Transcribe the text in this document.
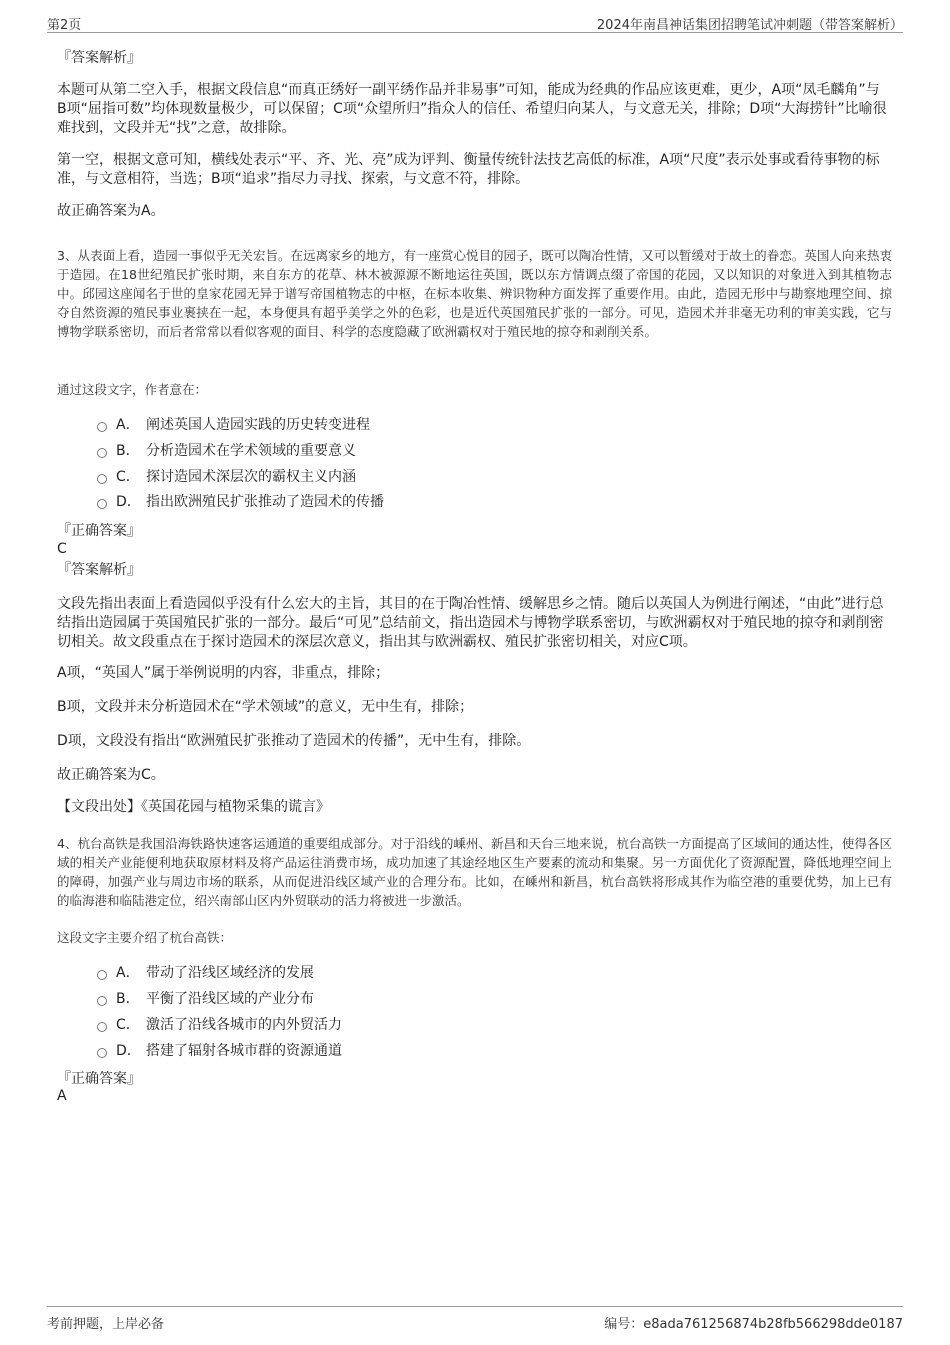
第2页	2024年南昌神话集团招聘笔试冲刺题（带答案解析）
『答案解析』
本题可从第二空入手，根据文段信息“而真正绣好一副平绣作品并非易事”可知，能成为经典的作品应该更难，更少，A项“凤毛麟角”与B项“屈指可数”均体现数量极少，可以保留；C项“众望所归”指众人的信任、希望归向某人，与文意无关，排除；D项“大海捞针”比喻很难找到，文段并无“找”之意，故排除。
第一空，根据文意可知，横线处表示“平、齐、光、亮”成为评判、衡量传统针法技艺高低的标准，A项“尺度”表示处事或看待事物的标准，与文意相符，当选；B项“追求”指尽力寻找、探索，与文意不符，排除。
故正确答案为A。
3、从表面上看，造园一事似乎无关宏旨。在远离家乡的地方，有一座赏心悦目的园子，既可以陶冶性情，又可以暂缓对于故土的眷恋。英国人向来热衷于造园。在18世纪殖民扩张时期，来自东方的花草、林木被源源不断地运往英国，既以东方情调点缀了帝国的花园，又以知识的对象进入到其植物志中。邱园这座闻名于世的皇家花园无异于谱写帝国植物志的中枢，在标本收集、辨识物种方面发挥了重要作用。由此，造园无形中与勘察地理空间、掠夺自然资源的殖民事业裹挟在一起，本身便具有超乎美学之外的色彩，也是近代英国殖民扩张的一部分。可见，造园术并非毫无功利的审美实践，它与博物学联系密切，而后者常常以看似客观的面目、科学的态度隐藏了欧洲霸权对于殖民地的掠夺和剥削关系。
通过这段文字，作者意在：
A． 阐述英国人造园实践的历史转变进程
B． 分析造园术在学术领域的重要意义
C． 探讨造园术深层次的霸权主义内涵
D． 指出欧洲殖民扩张推动了造园术的传播
『正确答案』
C
『答案解析』
文段先指出表面上看造园似乎没有什么宏大的主旨，其目的在于陶冶性情、缓解思乡之情。随后以英国人为例进行阐述，“由此”进行总结指出造园属于英国殖民扩张的一部分。最后“可见”总结前文，指出造园术与博物学联系密切，与欧洲霸权对于殖民地的掠夺和剥削密切相关。故文段重点在于探讨造园术的深层次意义，指出其与欧洲霸权、殖民扩张密切相关，对应C项。
A项，“英国人”属于举例说明的内容，非重点，排除；
B项，文段并未分析造园术在“学术领域”的意义，无中生有，排除；
D项，文段没有指出“欧洲殖民扩张推动了造园术的传播”，无中生有，排除。
故正确答案为C。
【文段出处】《英国花园与植物采集的谎言》
4、杭台高铁是我国沿海铁路快速客运通道的重要组成部分。对于沿线的嵊州、新昌和天台三地来说，杭台高铁一方面提高了区域间的通达性，使得各区域的相关产业能便利地获取原材料及将产品运往消费市场，成功加速了其途经地区生产要素的流动和集聚。另一方面优化了资源配置，降低地理空间上的障碍，加强产业与周边市场的联系，从而促进沿线区域产业的合理分布。比如，在嵊州和新昌，杭台高铁将形成其作为临空港的重要优势，加上已有的临海港和临陆港定位，绍兴南部山区内外贸联动的活力将被进一步激活。
这段文字主要介绍了杭台高铁：
A． 带动了沿线区域经济的发展
B． 平衡了沿线区域的产业分布
C． 激活了沿线各城市的内外贸活力
D． 搭建了辐射各城市群的资源通道
『正确答案』
A
考前押题，上岸必备	编号：e8ada761256874b28fb566298dde0187
